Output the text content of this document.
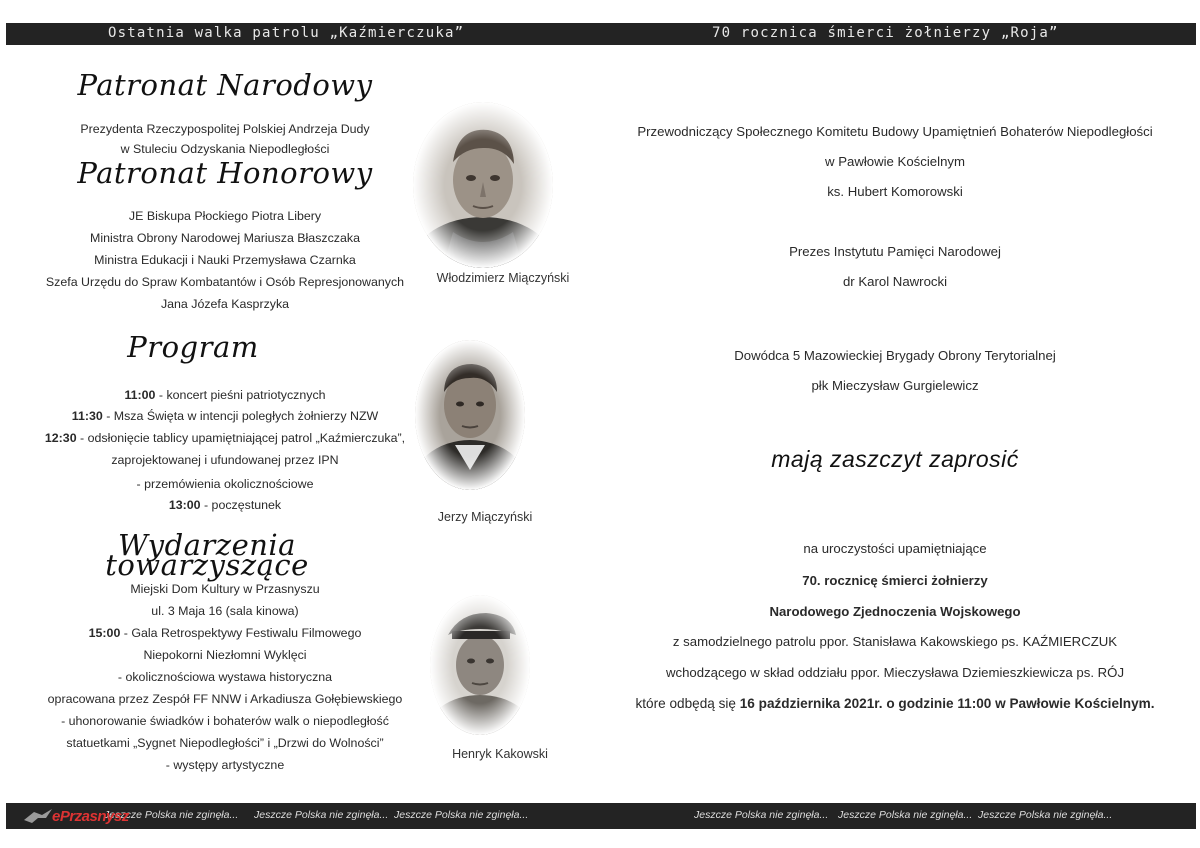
Ostatnia walka patrolu „Kaźmierczuka”	70 rocznica śmierci żołnierzy „Roja”
Patronat Narodowy
Prezydenta Rzeczypospolitej Polskiej Andrzeja Dudy
w Stuleciu Odzyskania Niepodległości
Patronat Honorowy
JE Biskupa Płockiego Piotra Libery
Ministra Obrony Narodowej Mariusza Błaszczaka
Ministra Edukacji i Nauki Przemysława Czarnka
Szefa Urzędu do Spraw Kombatantów i Osób Represjonowanych
Jana Józefa Kasprzyka
Program
11:00 - koncert pieśni patriotycznych
11:30 - Msza Święta w intencji poległych żołnierzy NZW
12:30 - odsłonięcie tablicy upamiętniającej patrol „Kaźmierczuka”,
zaprojektowanej i ufundowanej przez IPN
- przemówienia okolicznościowe
13:00 - poczęstunek
Wydarzenia towarzyszące
Miejski Dom Kultury w Przasnyszu
ul. 3 Maja 16 (sala kinowa)
15:00 - Gala Retrospektywy Festiwalu Filmowego
Niepokorni Niezłomni Wyklęci
- okolicznościowa wystawa historyczna
opracowana przez Zespół FF NNW i Arkadiusza Gołębiewskiego
- uhonorowanie świadków i bohaterów walk o niepodległość
statuetkami „Sygnet Niepodległości” i „Drzwi do Wolności”
- występy artystyczne
Włodzimierz Miączyński
Jerzy Miączyński
Henryk Kakowski
Przewodniczący Społecznego Komitetu Budowy Upamiętnień Bohaterów Niepodległości
w Pawłowie Kościelnym
ks. Hubert Komorowski
Prezes Instytutu Pamięci Narodowej
dr Karol Nawrocki
Dowódca 5 Mazowieckiej Brygady Obrony Terytorialnej
płk Mieczysław Gurgielewicz
mają zaszczyt zaprosić
na uroczystości upamiętniające
70. rocznicę śmierci żołnierzy
Narodowego Zjednoczenia Wojskowego
z samodzielnego patrolu ppor. Stanisława Kakowskiego ps. KAŹMIERCZUK
wchodzącego w skład oddziału ppor. Mieczysława Dziemieszkiewicza ps. RÓJ
które odbędą się 16 października 2021r. o godzinie 11:00 w Pawłowie Kościelnym.
Jeszcze Polska nie zginęła... Jeszcze Polska nie zginęła... Jeszcze Polska nie zginęła...	Jeszcze Polska nie zginęła... Jeszcze Polska nie zginęła... Jeszcze Polska nie zginęła...
ePrzasnysz
